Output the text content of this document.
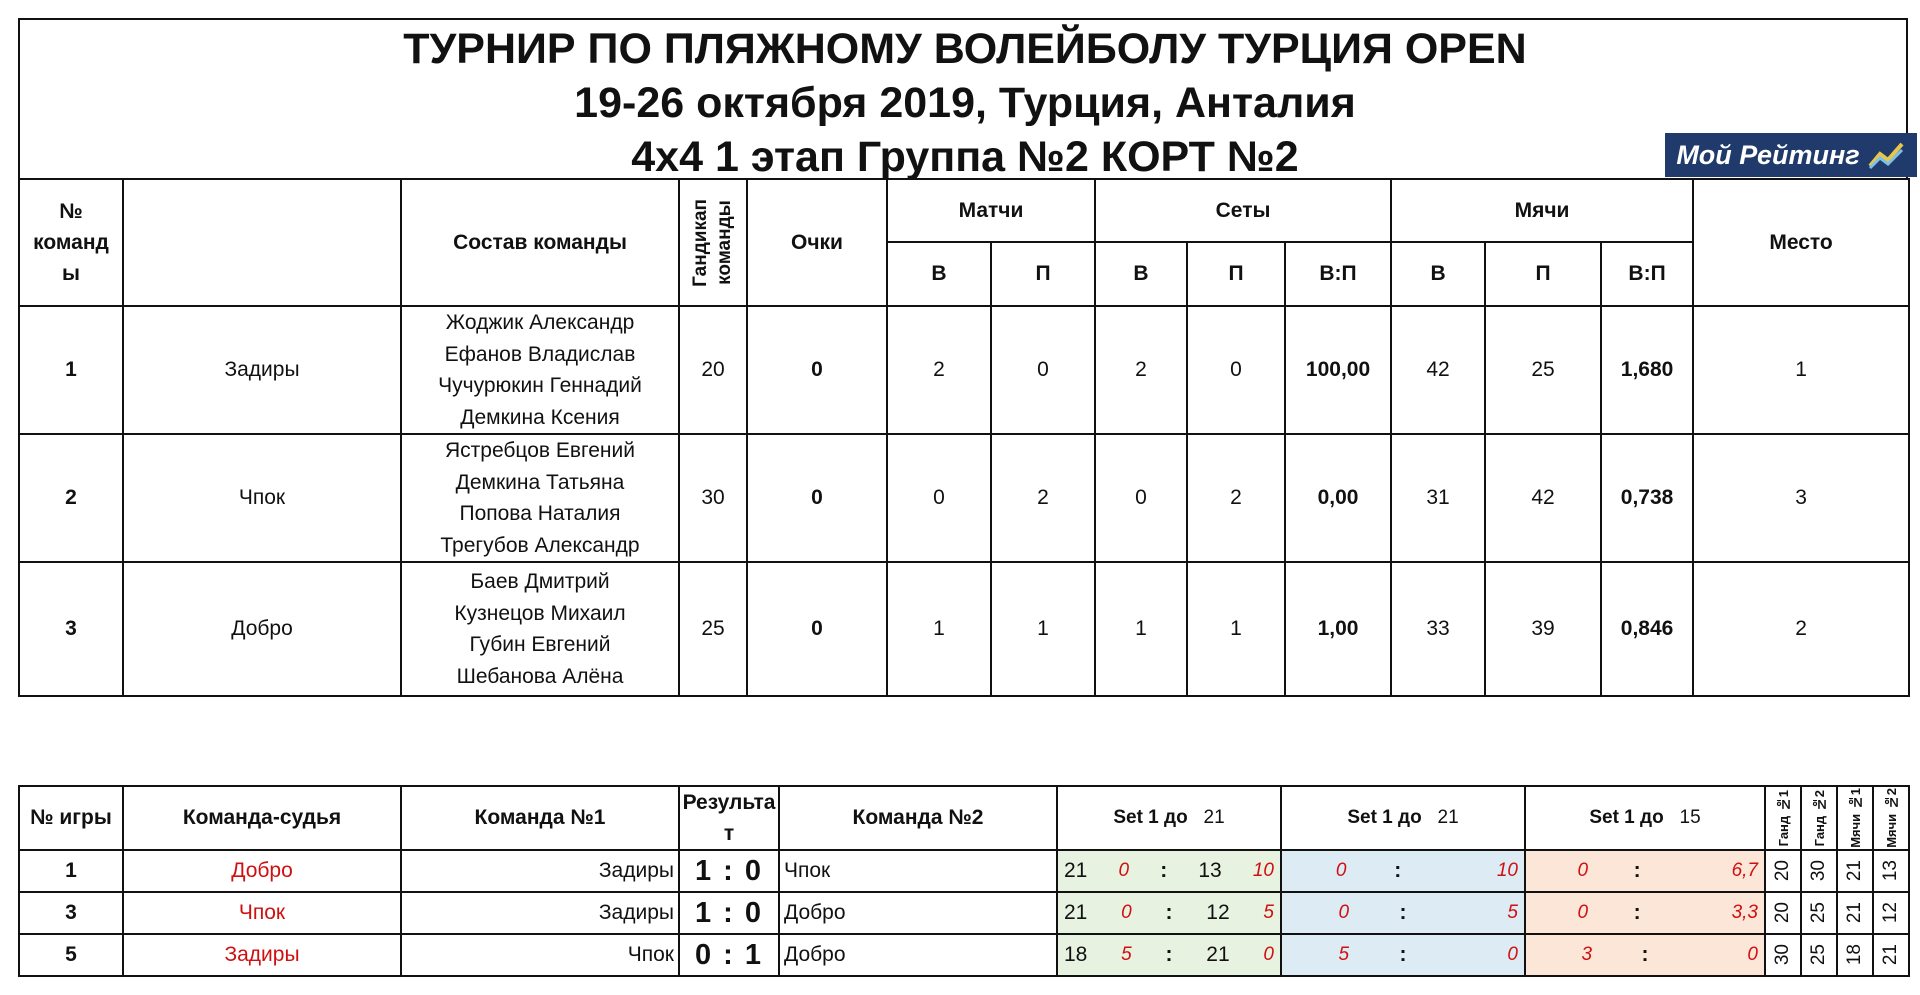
ТУРНИР ПО ПЛЯЖНОМУ ВОЛЕЙБОЛУ ТУРЦИЯ OPEN
19-26 октября 2019, Турция, Анталия
4х4 1 этап Группа №2 КОРТ №2	Мой Рейтинг
№
команд
ы		Состав команды	Гандикап команды	Очки	Матчи		Сеты			Мячи			Место
					В	П	В	П	В:П	В	П	В:П	
1	Задиры	Жоджик Александр
Ефанов Владислав
Чучурюкин Геннадий
Демкина Ксения	20	0	2	0	2	0	100,00	42	25	1,680	1
2	Чпок	Ястребцов Евгений
Демкина Татьяна
Попова Наталия
Трегубов Александр	30	0	0	2	0	2	0,00	31	42	0,738	3
3	Добро	Баев Дмитрий
Кузнецов Михаил
Губин Евгений
Шебанова Алёна	25	0	1	1	1	1	1,00	33	39	0,846	2
№ игры	Команда-судья	Команда №1	Результа
т	Команда №2	Set 1 до 21	Set 1 до 21	Set 1 до 15	Ганд №1	Ганд №2	Мячи №1	Мячи №2

1	Добро	Задиры	1 : 0	Чпок	21 0 : 13 10	0 : 10	0 : 6,7	20	30	21	13

3	Чпок	Задиры	1 : 0	Добро	21 0 : 12 5	0 : 5	0 : 3,3	20	25	21	12

5	Задиры	Чпок	0 : 1	Добро	18 5 : 21 0	5 : 0	3 : 0	30	25	18	21
